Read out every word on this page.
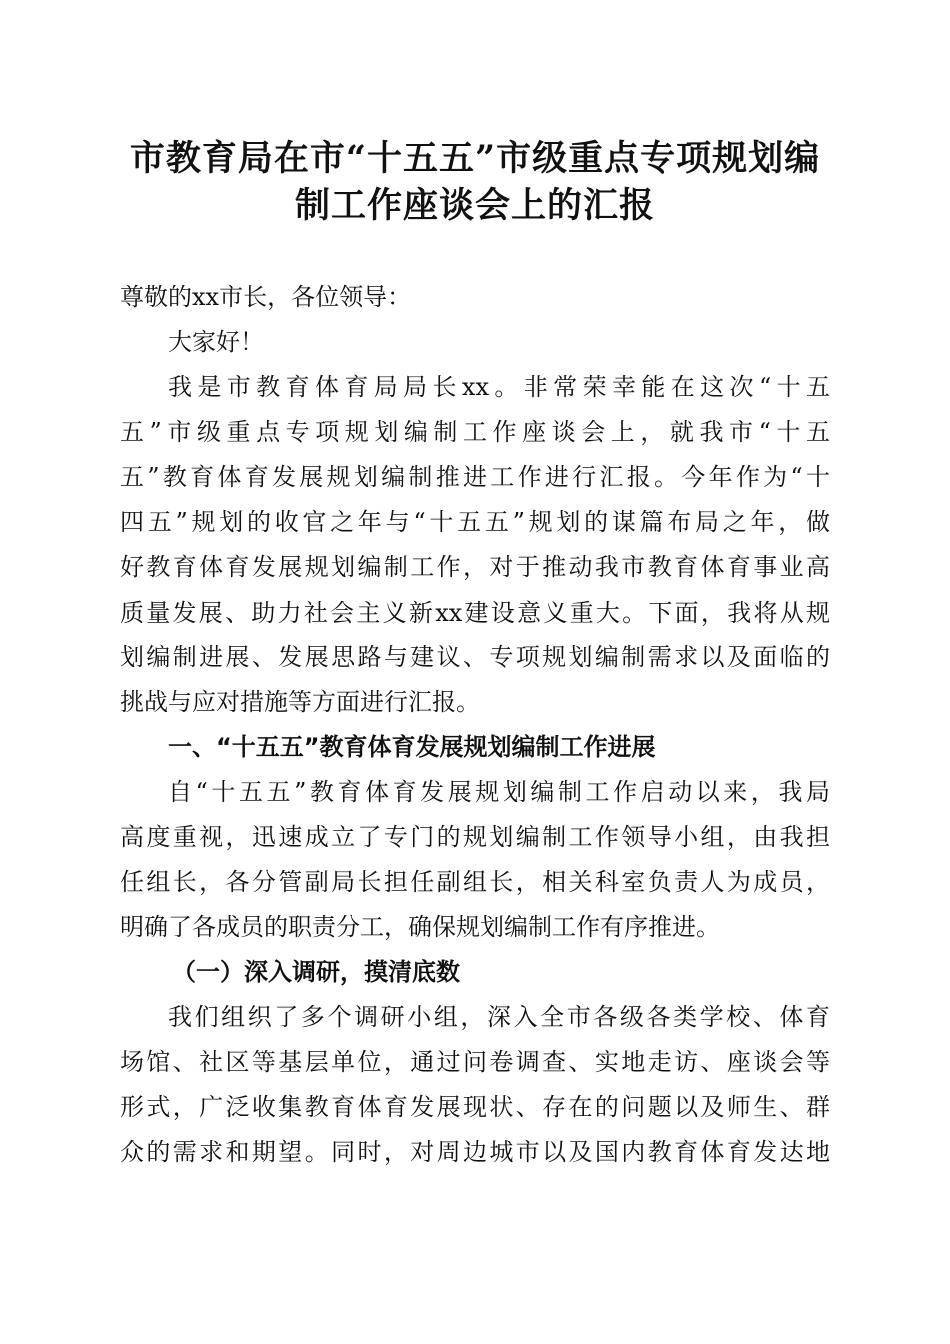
市教育局在市“十五五”市级重点专项规划编
制工作座谈会上的汇报
尊敬的xx市长，各位领导：
大家好！
我是市教育体育局局长xx。非常荣幸能在这次“十五
五”市级重点专项规划编制工作座谈会上，就我市“十五
五”教育体育发展规划编制推进工作进行汇报。今年作为“十
四五”规划的收官之年与“十五五”规划的谋篇布局之年，做
好教育体育发展规划编制工作，对于推动我市教育体育事业高
质量发展、助力社会主义新xx建设意义重大。下面，我将从规
划编制进展、发展思路与建议、专项规划编制需求以及面临的
挑战与应对措施等方面进行汇报。
一、“十五五”教育体育发展规划编制工作进展
自“十五五”教育体育发展规划编制工作启动以来，我局
高度重视，迅速成立了专门的规划编制工作领导小组，由我担
任组长，各分管副局长担任副组长，相关科室负责人为成员，
明确了各成员的职责分工，确保规划编制工作有序推进。
（一）深入调研，摸清底数
我们组织了多个调研小组，深入全市各级各类学校、体育
场馆、社区等基层单位，通过问卷调查、实地走访、座谈会等
形式，广泛收集教育体育发展现状、存在的问题以及师生、群
众的需求和期望。同时，对周边城市以及国内教育体育发达地
